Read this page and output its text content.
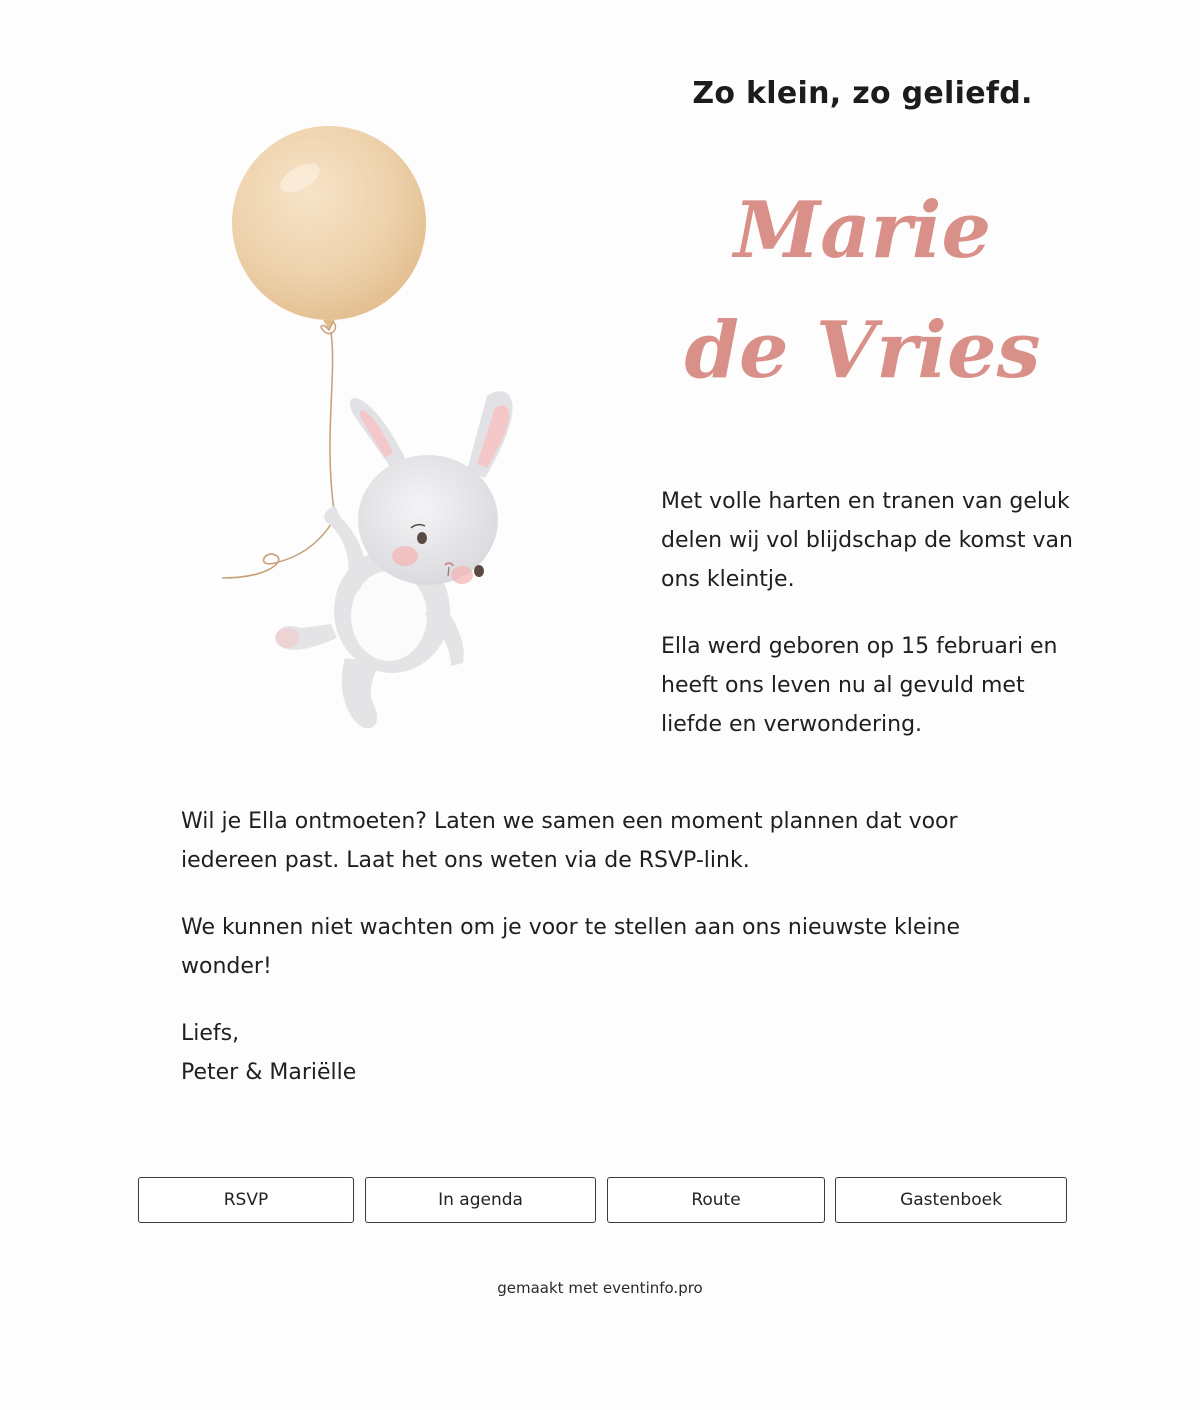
Zo klein, zo geliefd.
Marie
de Vries

Met volle harten en tranen van geluk delen wij vol blijdschap de komst van ons kleintje.

Ella werd geboren op 15 februari en heeft ons leven nu al gevuld met liefde en verwondering.

Wil je Ella ontmoeten? Laten we samen een moment plannen dat voor iedereen past. Laat het ons weten via de RSVP-link.

We kunnen niet wachten om je voor te stellen aan ons nieuwste kleine wonder!

Liefs,

Peter & Mariëlle

RSVP	In agenda	Route	Gastenboek
gemaakt met eventinfo.pro
